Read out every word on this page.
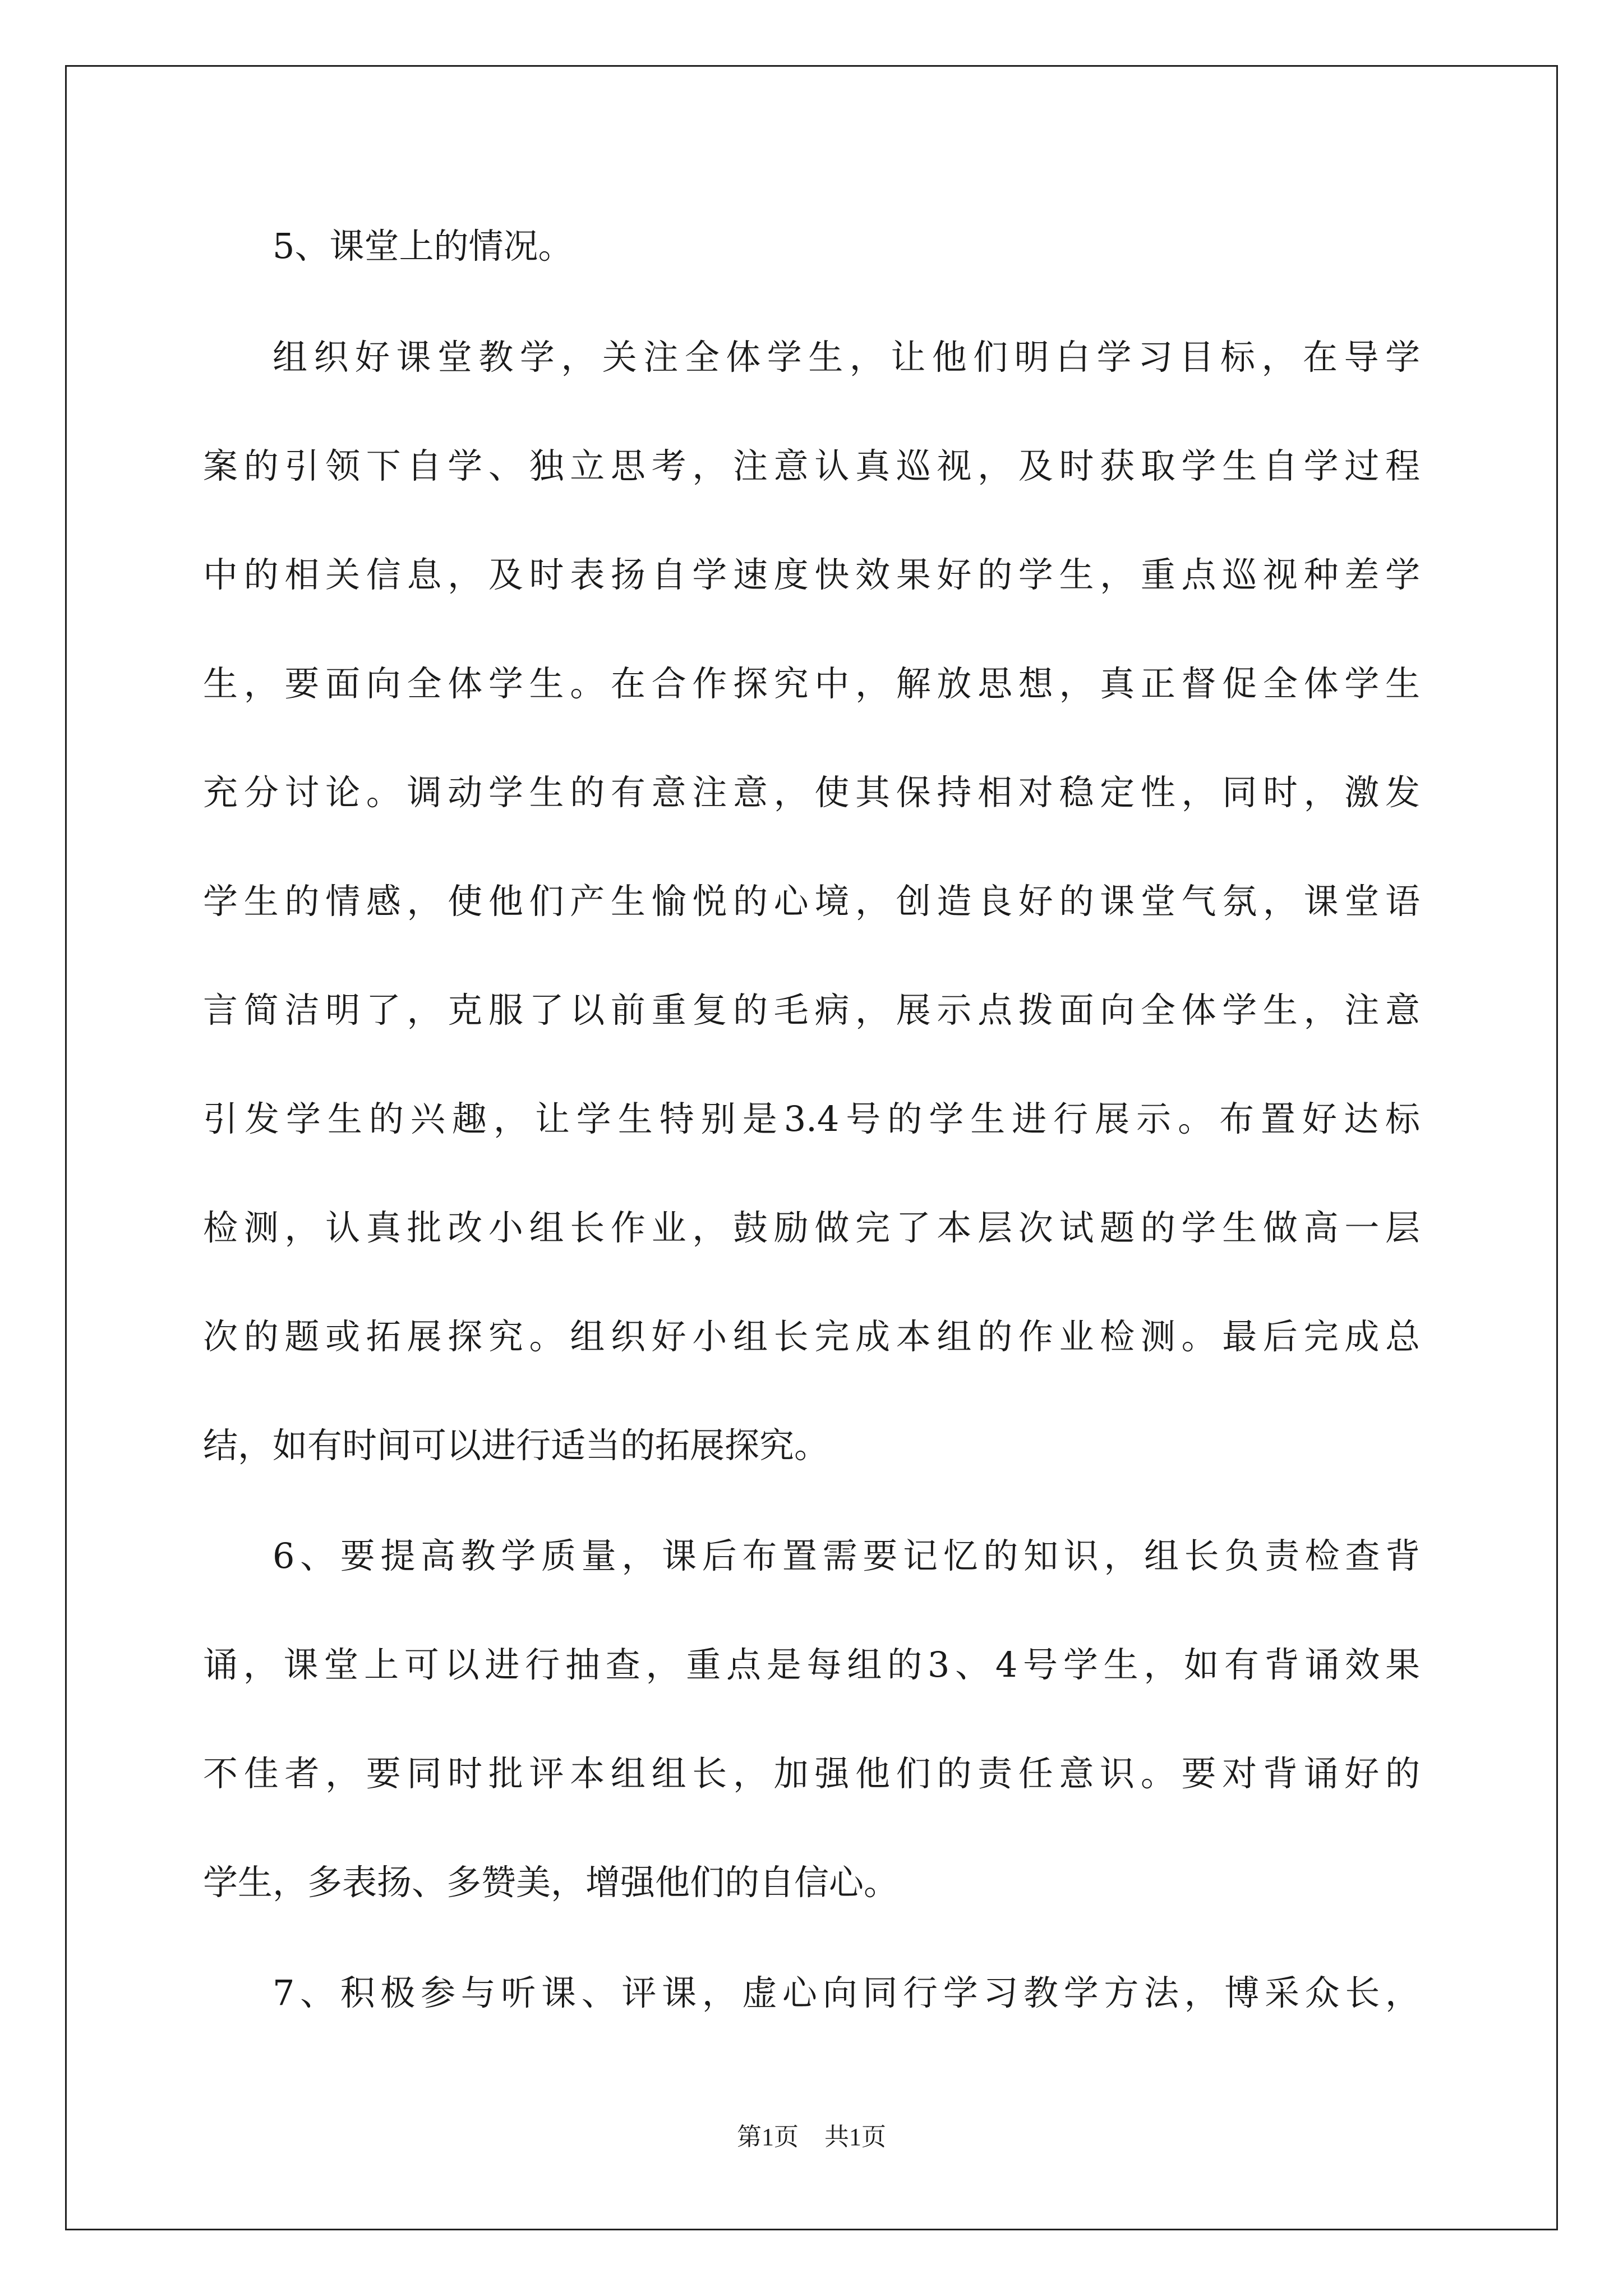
5、课堂上的情况。

组织好课堂教学，关注全体学生，让他们明白学习目标，在导学

案的引领下自学、独立思考，注意认真巡视，及时获取学生自学过程

中的相关信息，及时表扬自学速度快效果好的学生，重点巡视种差学

生，要面向全体学生。在合作探究中，解放思想，真正督促全体学生

充分讨论。调动学生的有意注意，使其保持相对稳定性，同时，激发

学生的情感，使他们产生愉悦的心境，创造良好的课堂气氛，课堂语

言简洁明了，克服了以前重复的毛病，展示点拨面向全体学生，注意

引发学生的兴趣，让学生特别是3.4号的学生进行展示。布置好达标

检测，认真批改小组长作业，鼓励做完了本层次试题的学生做高一层

次的题或拓展探究。组织好小组长完成本组的作业检测。最后完成总

结，如有时间可以进行适当的拓展探究。

6、要提高教学质量，课后布置需要记忆的知识，组长负责检查背

诵，课堂上可以进行抽查，重点是每组的3、4号学生，如有背诵效果

不佳者，要同时批评本组组长，加强他们的责任意识。要对背诵好的

学生，多表扬、多赞美，增强他们的自信心。

7、积极参与听课、评课，虚心向同行学习教学方法，博采众长，

第1页 共1页
